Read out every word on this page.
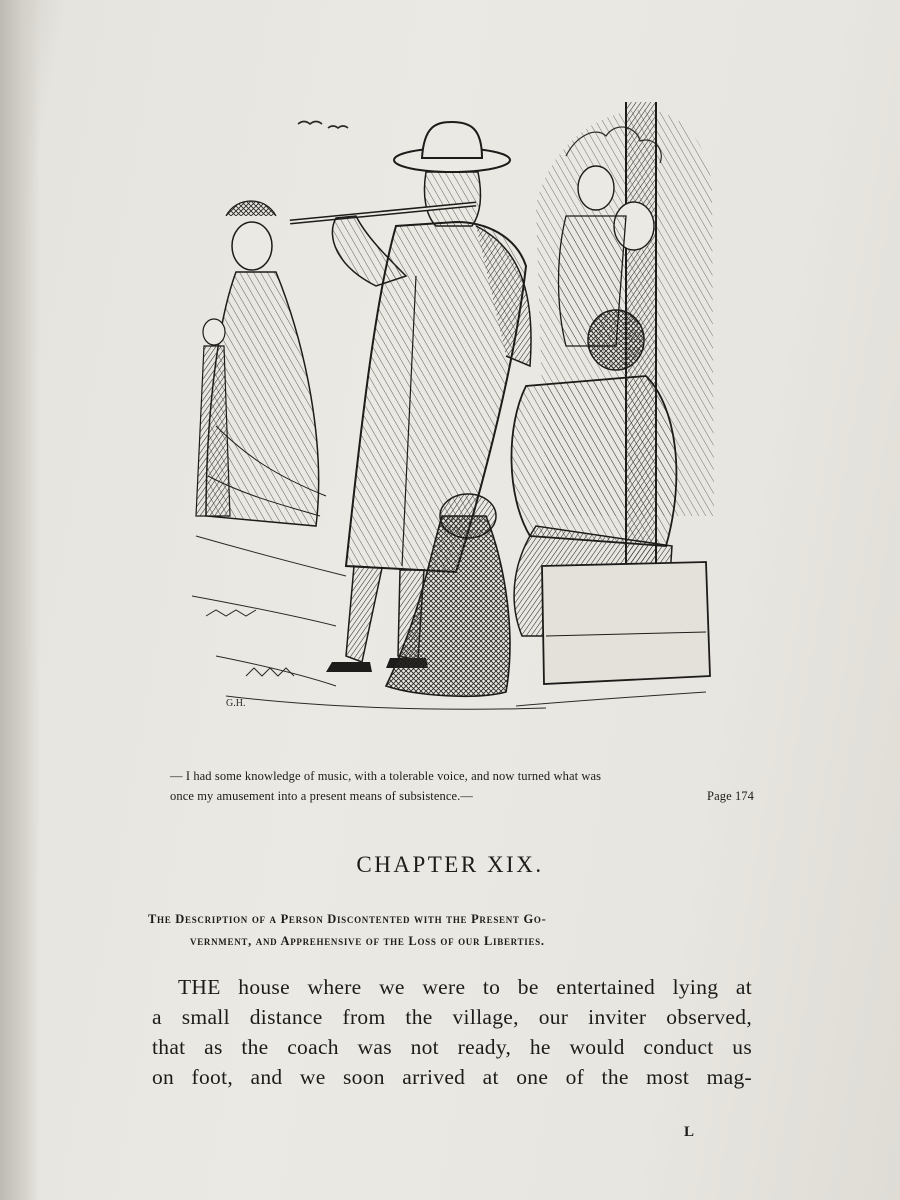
G.H.
— I had some knowledge of music, with a tolerable voice, and now turned what was
once my amusement into a present means of subsistence.—	Page 174
CHAPTER XIX.
The Description of a Person Discontented with the Present Go-
vernment, and Apprehensive of the Loss of our Liberties.
THE house where we were to be entertained lying at
a small distance from the village, our inviter observed,
that as the coach was not ready, he would conduct us
on foot, and we soon arrived at one of the most mag-
L
